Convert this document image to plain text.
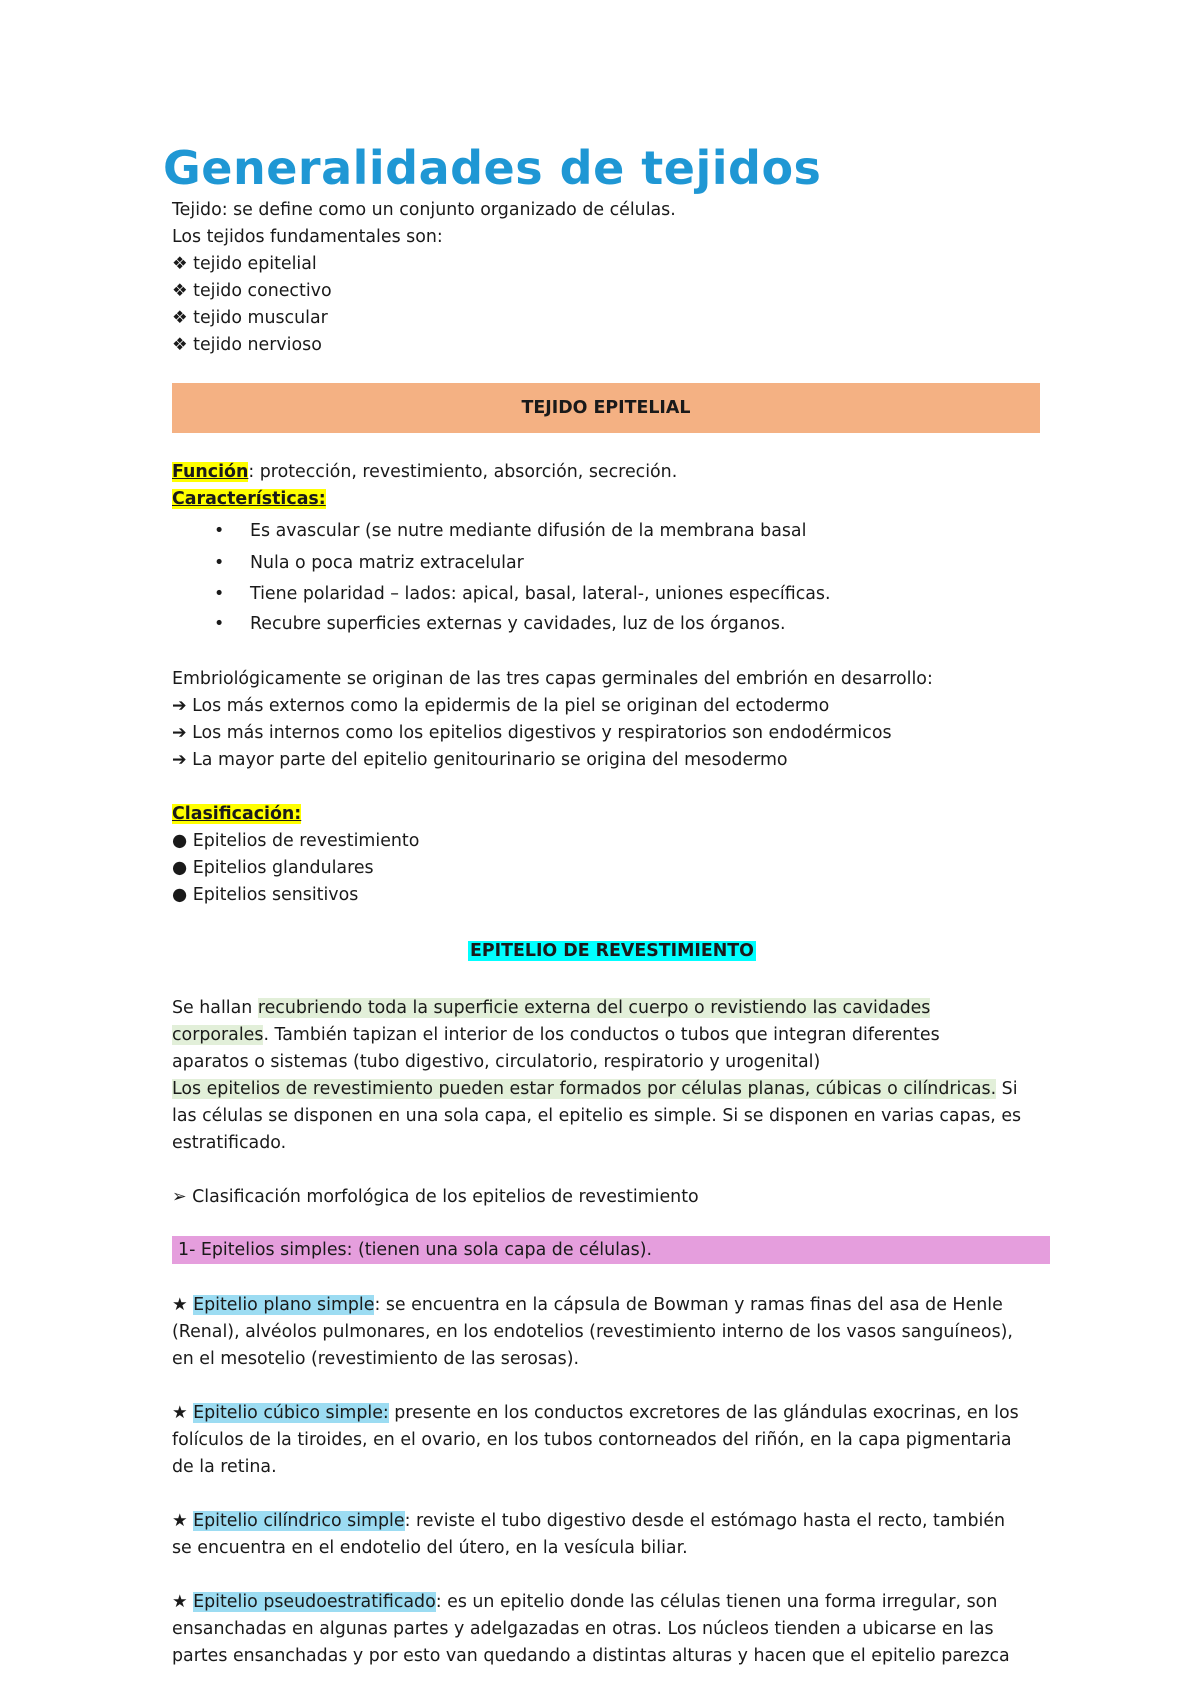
Generalidades de tejidos
Tejido: se define como un conjunto organizado de células.
Los tejidos fundamentales son:
❖ tejido epitelial
❖ tejido conectivo
❖ tejido muscular
❖ tejido nervioso
TEJIDO EPITELIAL
Función: protección, revestimiento, absorción, secreción.
Características:
• Es avascular (se nutre mediante difusión de la membrana basal
• Nula o poca matriz extracelular
• Tiene polaridad – lados: apical, basal, lateral-, uniones específicas.
• Recubre superficies externas y cavidades, luz de los órganos.
Embriológicamente se originan de las tres capas germinales del embrión en desarrollo:
➔ Los más externos como la epidermis de la piel se originan del ectodermo
➔ Los más internos como los epitelios digestivos y respiratorios son endodérmicos
➔ La mayor parte del epitelio genitourinario se origina del mesodermo
Clasificación:
● Epitelios de revestimiento
● Epitelios glandulares
● Epitelios sensitivos
EPITELIO DE REVESTIMIENTO
Se hallan recubriendo toda la superficie externa del cuerpo o revistiendo las cavidades
corporales. También tapizan el interior de los conductos o tubos que integran diferentes
aparatos o sistemas (tubo digestivo, circulatorio, respiratorio y urogenital)
Los epitelios de revestimiento pueden estar formados por células planas, cúbicas o cilíndricas. Si
las células se disponen en una sola capa, el epitelio es simple. Si se disponen en varias capas, es
estratificado.
➢ Clasificación morfológica de los epitelios de revestimiento
1- Epitelios simples: (tienen una sola capa de células).
★ Epitelio plano simple: se encuentra en la cápsula de Bowman y ramas finas del asa de Henle
(Renal), alvéolos pulmonares, en los endotelios (revestimiento interno de los vasos sanguíneos),
en el mesotelio (revestimiento de las serosas).
★ Epitelio cúbico simple: presente en los conductos excretores de las glándulas exocrinas, en los
folículos de la tiroides, en el ovario, en los tubos contorneados del riñón, en la capa pigmentaria
de la retina.
★ Epitelio cilíndrico simple: reviste el tubo digestivo desde el estómago hasta el recto, también
se encuentra en el endotelio del útero, en la vesícula biliar.
★ Epitelio pseudoestratificado: es un epitelio donde las células tienen una forma irregular, son
ensanchadas en algunas partes y adelgazadas en otras. Los núcleos tienden a ubicarse en las
partes ensanchadas y por esto van quedando a distintas alturas y hacen que el epitelio parezca
